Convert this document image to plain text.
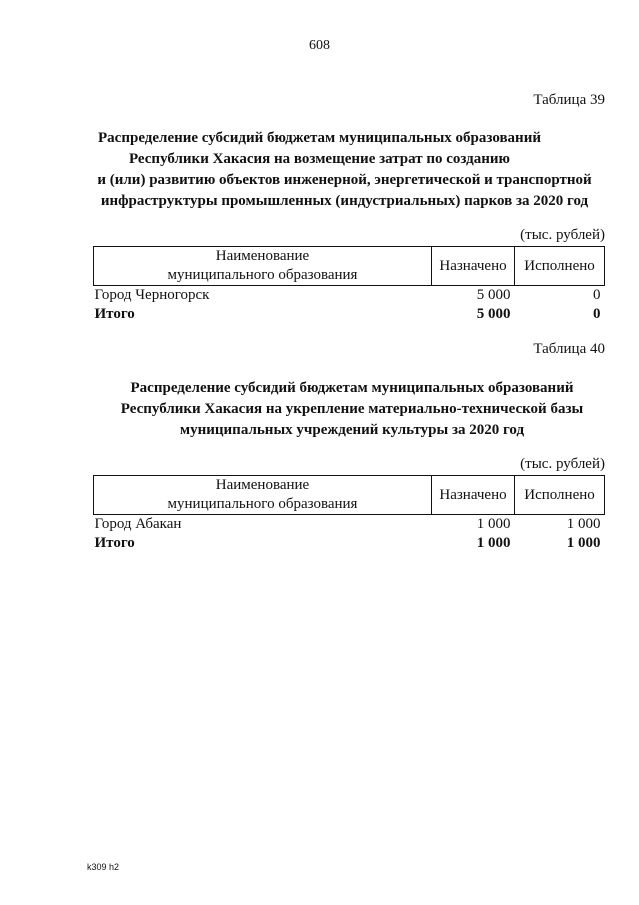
608
Таблица 39
Распределение субсидий бюджетам муниципальных образований
Республики Хакасия на возмещение затрат по созданию
и (или) развитию объектов инженерной, энергетической и транспортной
инфраструктуры промышленных (индустриальных) парков за 2020 год
(тыс. рублей)
Наименование
муниципального образования	Назначено	Исполнено
Город Черногорск	5 000	0
Итого	5 000	0
Таблица 40
Распределение субсидий бюджетам муниципальных образований
Республики Хакасия на укрепление материально-технической базы
муниципальных учреждений культуры за 2020 год
(тыс. рублей)
Наименование
муниципального образования	Назначено	Исполнено
Город Абакан	1 000	1 000
Итого	1 000	1 000
k309 h2
